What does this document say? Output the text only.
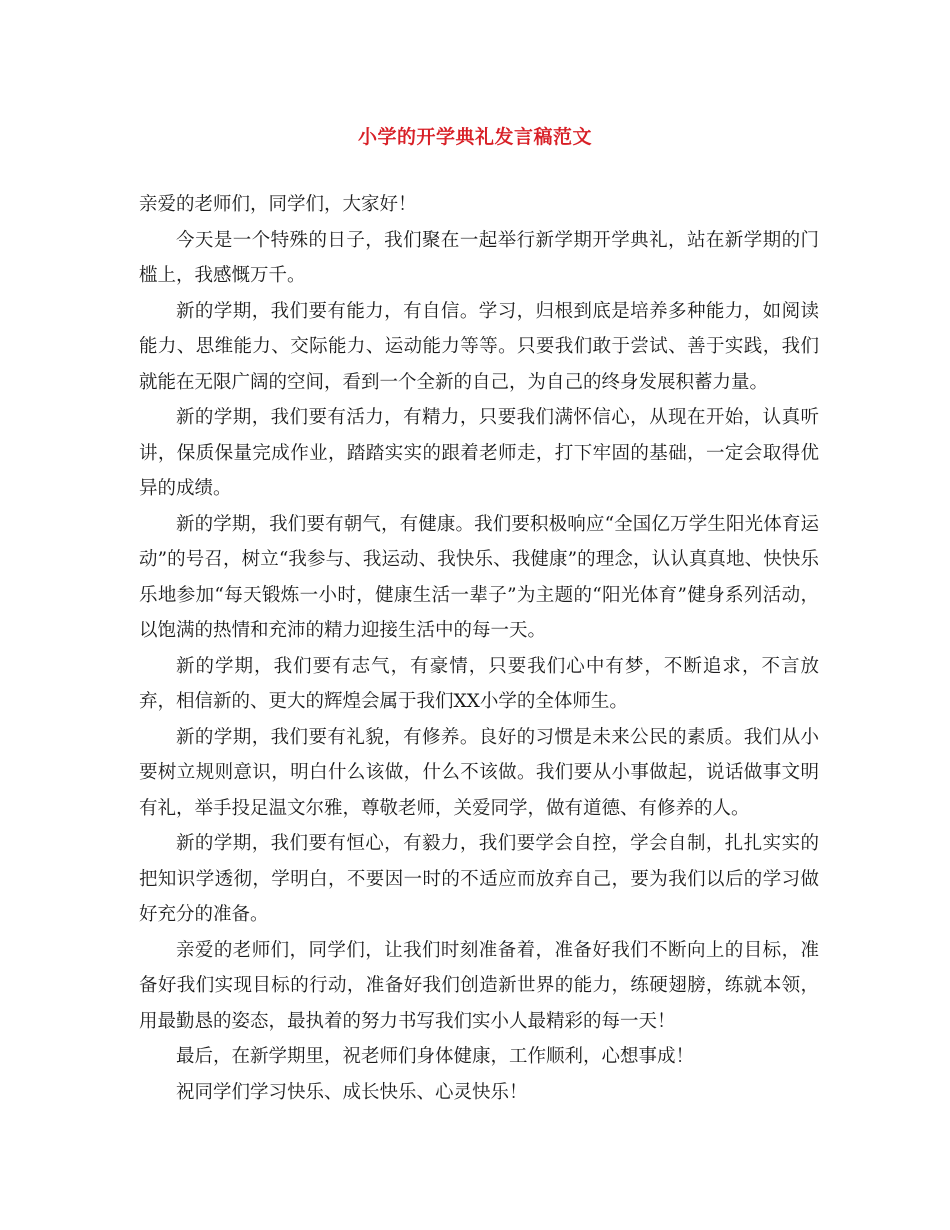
小学的开学典礼发言稿范文

亲爱的老师们，同学们，大家好！

今天是一个特殊的日子，我们聚在一起举行新学期开学典礼，站在新学期的门槛上，我感慨万千。

新的学期，我们要有能力，有自信。学习，归根到底是培养多种能力，如阅读能力、思维能力、交际能力、运动能力等等。只要我们敢于尝试、善于实践，我们就能在无限广阔的空间，看到一个全新的自己，为自己的终身发展积蓄力量。

新的学期，我们要有活力，有精力，只要我们满怀信心，从现在开始，认真听讲，保质保量完成作业，踏踏实实的跟着老师走，打下牢固的基础，一定会取得优异的成绩。

新的学期，我们要有朝气，有健康。我们要积极响应“全国亿万学生阳光体育运动”的号召，树立“我参与、我运动、我快乐、我健康”的理念，认认真真地、快快乐乐地参加“每天锻炼一小时，健康生活一辈子”为主题的“阳光体育”健身系列活动，以饱满的热情和充沛的精力迎接生活中的每一天。

新的学期，我们要有志气，有豪情，只要我们心中有梦，不断追求，不言放弃，相信新的、更大的辉煌会属于我们XX小学的全体师生。

新的学期，我们要有礼貌，有修养。良好的习惯是未来公民的素质。我们从小要树立规则意识，明白什么该做，什么不该做。我们要从小事做起，说话做事文明有礼，举手投足温文尔雅，尊敬老师，关爱同学，做有道德、有修养的人。

新的学期，我们要有恒心，有毅力，我们要学会自控，学会自制，扎扎实实的把知识学透彻，学明白，不要因一时的不适应而放弃自己，要为我们以后的学习做好充分的准备。

亲爱的老师们，同学们，让我们时刻准备着，准备好我们不断向上的目标，准备好我们实现目标的行动，准备好我们创造新世界的能力，练硬翅膀，练就本领，用最勤恳的姿态，最执着的努力书写我们实小人最精彩的每一天！

最后，在新学期里，祝老师们身体健康，工作顺利，心想事成！

祝同学们学习快乐、成长快乐、心灵快乐！
